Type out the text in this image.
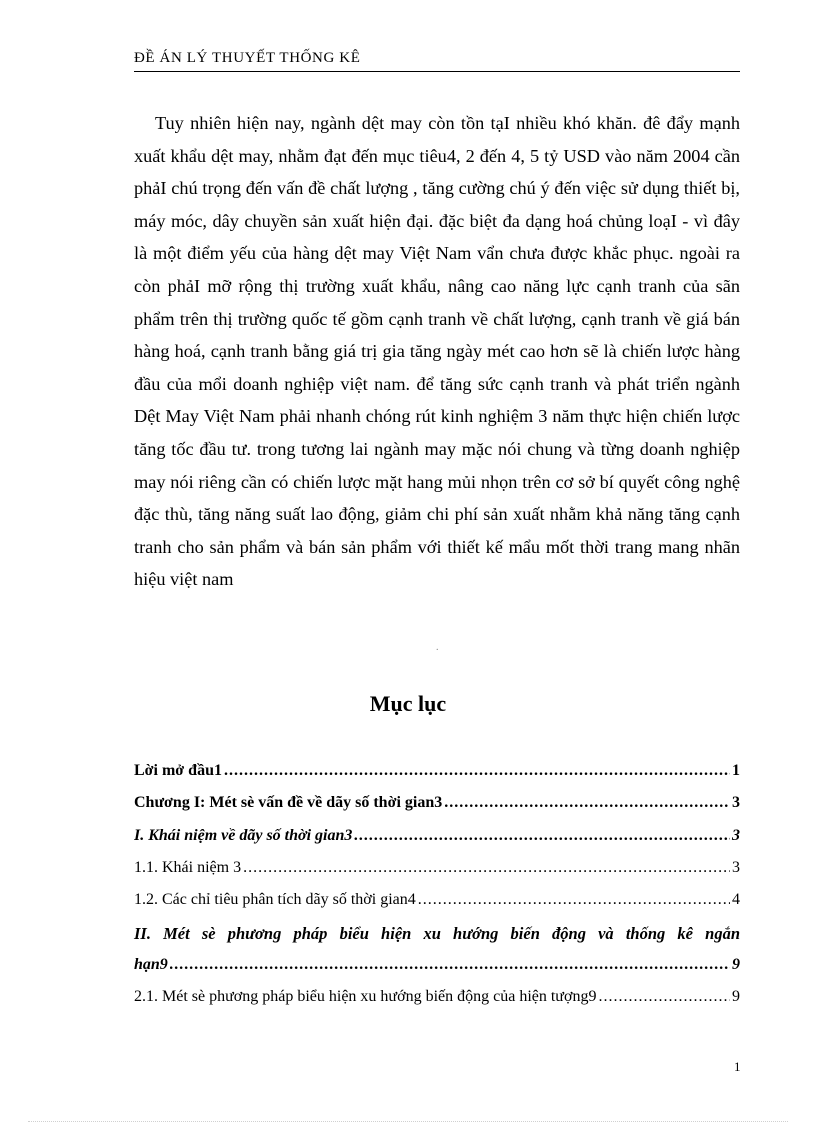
ĐỀ ÁN LÝ THUYẾT THỐNG KÊ

Tuy nhiên hiện nay, ngành dệt may còn tồn tạI nhiều khó khăn. đê đẩy mạnh xuất khẩu dệt may, nhằm đạt đến mục tiêu4, 2 đến 4, 5 tỷ USD vào năm 2004 cần phảI chú trọng đến vấn đề chất lượng , tăng cường chú ý đến việc sử dụng thiết bị, máy móc, dây chuyền sản xuất hiện đại. đặc biệt đa dạng hoá chủng loạI - vì đây là một điểm yếu của hàng dệt may Việt Nam vẩn chưa được khắc phục. ngoài ra còn phảI mỡ rộng thị trường xuất khẩu, nâng cao năng lực cạnh tranh của sãn phẩm trên thị trường quốc tế gồm cạnh tranh về chất lượng, cạnh tranh về giá bán hàng hoá, cạnh tranh bằng giá trị gia tăng ngày mét cao hơn sẽ là chiến lược hàng đầu của mổi doanh nghiệp việt nam. để tăng sức cạnh tranh và phát triển ngành Dệt May Việt Nam phải nhanh chóng rút kinh nghiệm 3 năm thực hiện chiến lược tăng tốc đầu tư. trong tương lai ngành may mặc nói chung và từng doanh nghiệp may nói riêng cần có chiến lược mặt hang mủi nhọn trên cơ sở bí quyết công nghệ đặc thù, tăng năng suất lao động, giảm chi phí sản xuất nhằm khả năng tăng cạnh tranh cho sản phẩm và bán sản phẩm với thiết kế mẩu mốt thời trang mang nhãn hiệu việt nam

.
Mục lục
Lời mở đầu1 .....	1
Chương I: Mét sè vấn đề về dãy số thời gian3 .....	3
I. Khái niệm về dãy số thời gian3 .....	3
1.1. Khái niệm 3 .....	3
1.2. Các chỉ tiêu phân tích dãy số thời gian4 .....	4
II. Mét sè phương pháp biểu hiện xu hướng biến động và thống kê ngắn
hạn9 .....	9
2.1. Mét sè phương pháp biểu hiện xu hướng biến động của hiện tượng9 .....	9
1
